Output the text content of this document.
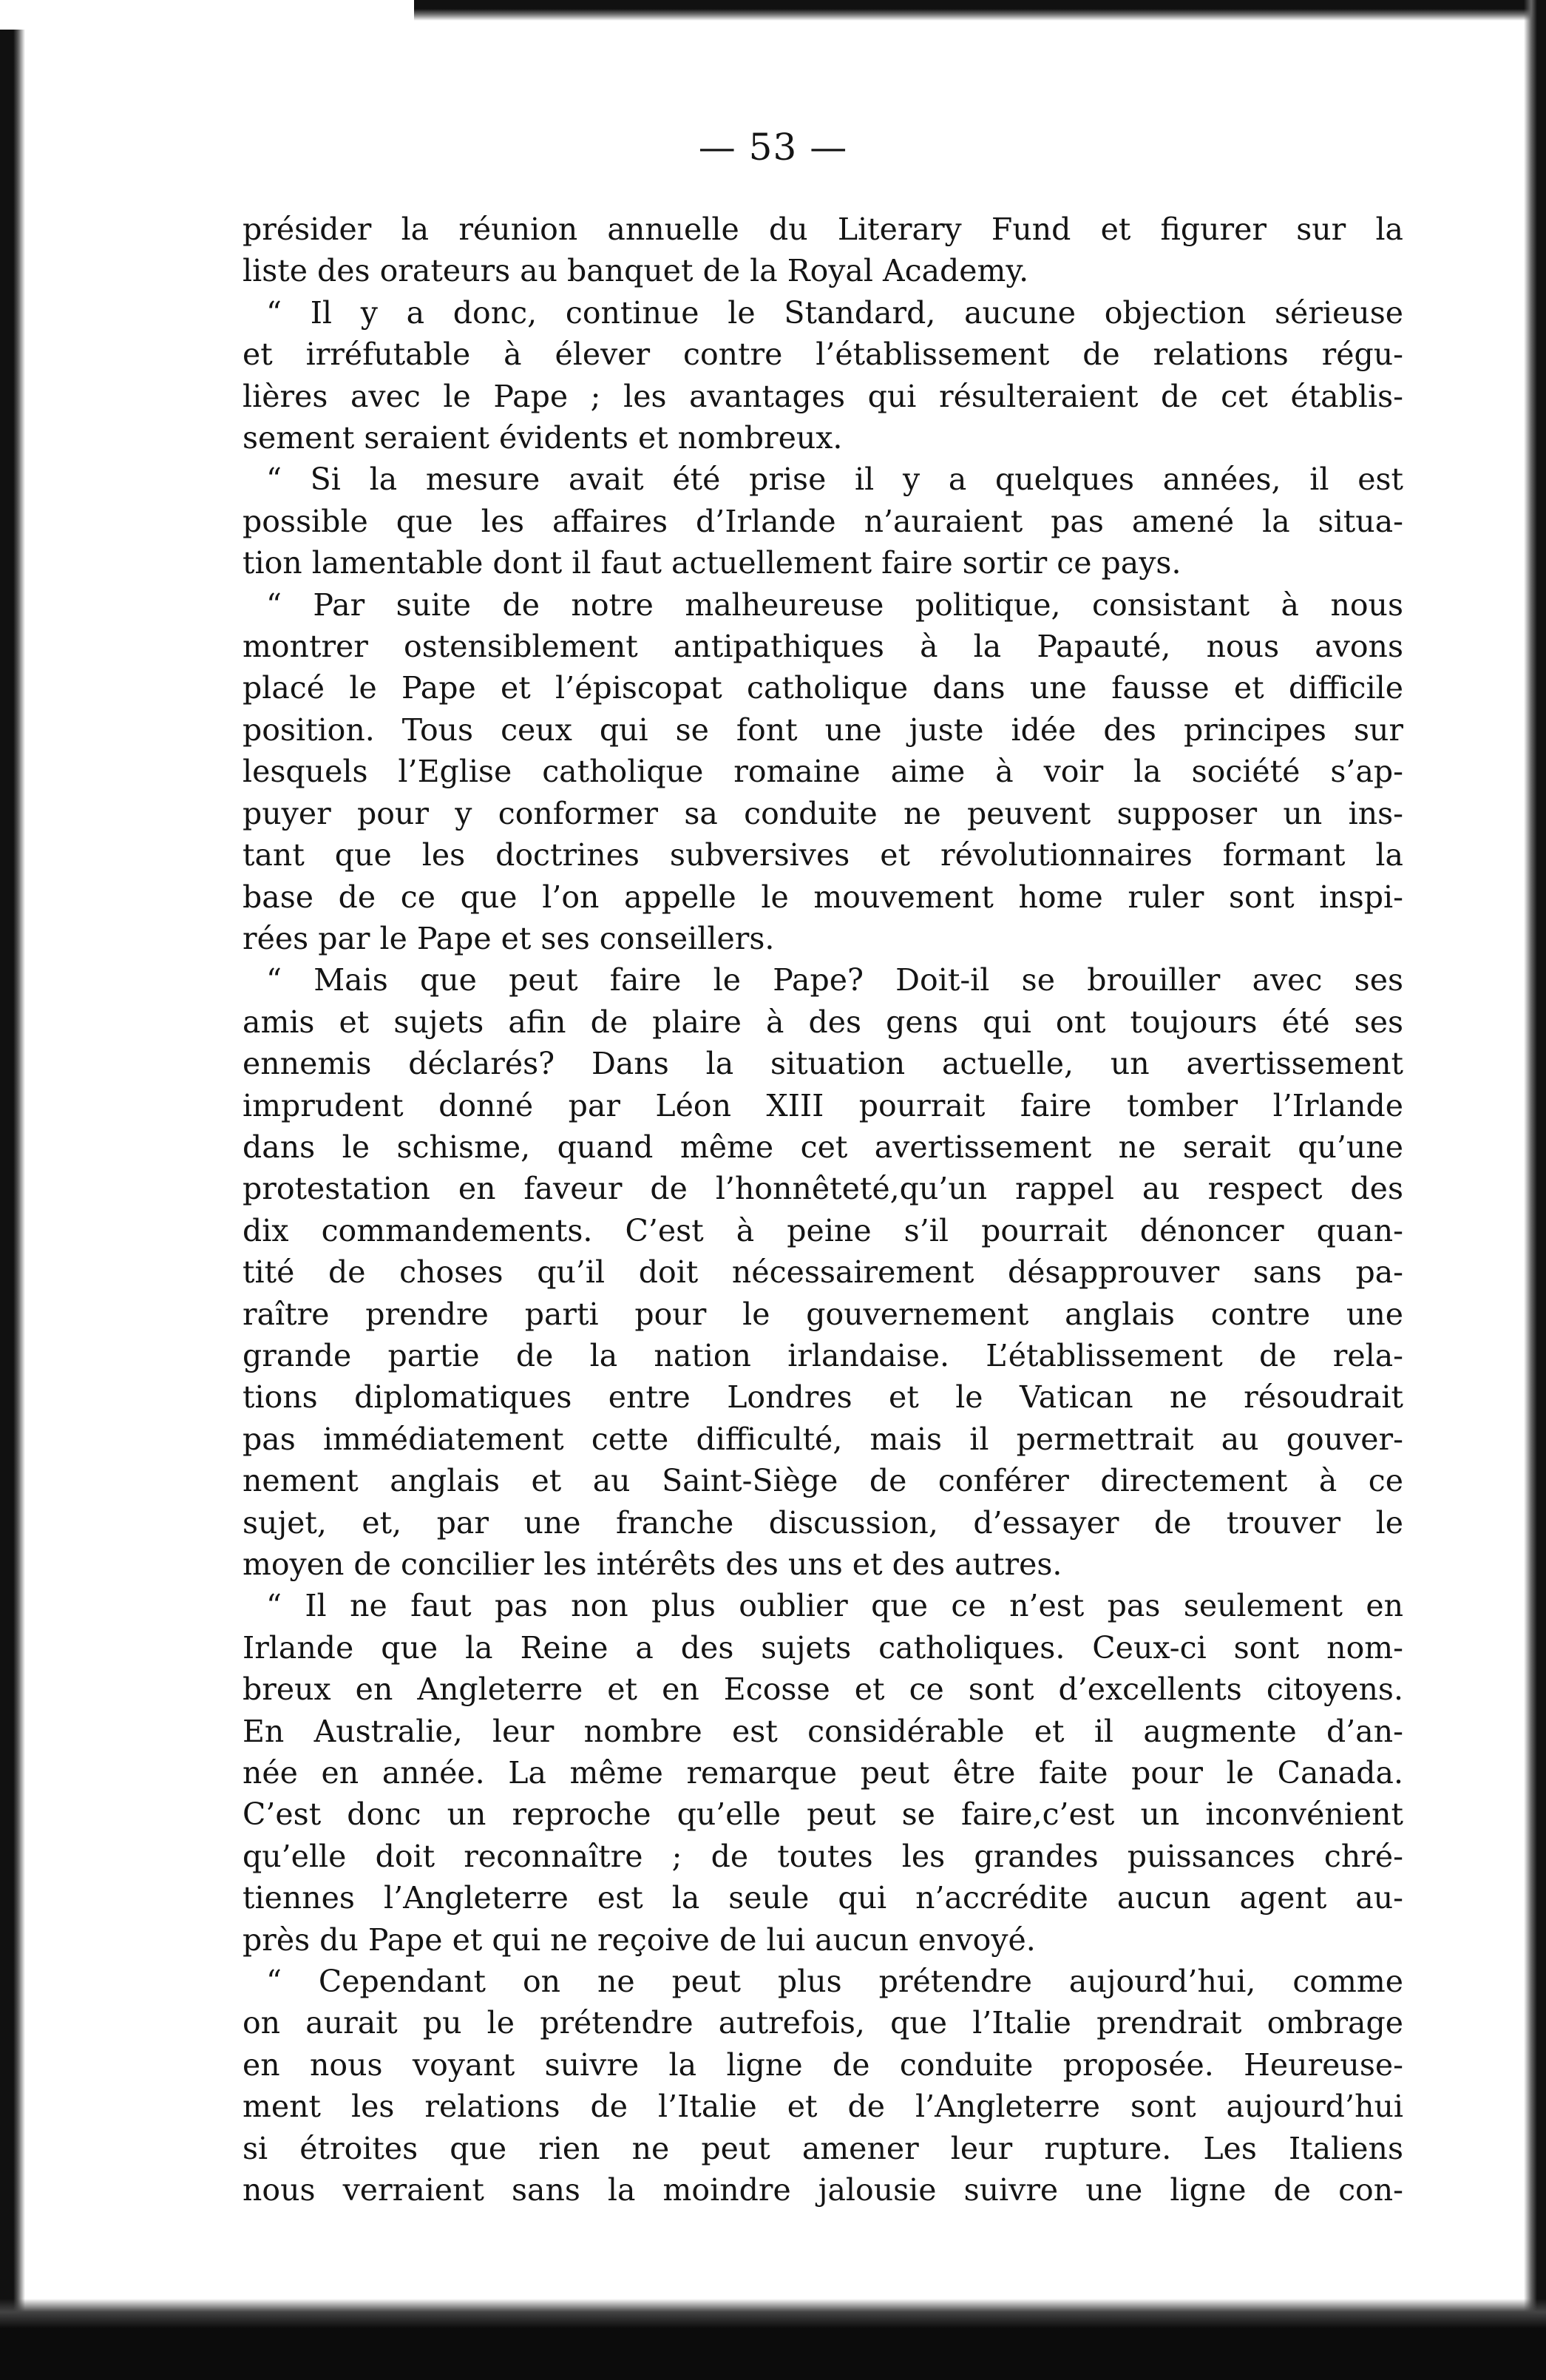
— 53 —
présider la réunion annuelle du Literary Fund et figurer sur la
liste des orateurs au banquet de la Royal Academy.
“ Il y a donc, continue le Standard, aucune objection sérieuse
et irréfutable à élever contre l’établissement de relations régu-
lières avec le Pape ; les avantages qui résulteraient de cet établis-
sement seraient évidents et nombreux.
“ Si la mesure avait été prise il y a quelques années, il est
possible que les affaires d’Irlande n’auraient pas amené la situa-
tion lamentable dont il faut actuellement faire sortir ce pays.
“ Par suite de notre malheureuse politique, consistant à nous
montrer ostensiblement antipathiques à la Papauté, nous avons
placé le Pape et l’épiscopat catholique dans une fausse et difficile
position. Tous ceux qui se font une juste idée des principes sur
lesquels l’Eglise catholique romaine aime à voir la société s’ap-
puyer pour y conformer sa conduite ne peuvent supposer un ins-
tant que les doctrines subversives et révolutionnaires formant la
base de ce que l’on appelle le mouvement home ruler sont inspi-
rées par le Pape et ses conseillers.
“ Mais que peut faire le Pape? Doit-il se brouiller avec ses
amis et sujets afin de plaire à des gens qui ont toujours été ses
ennemis déclarés? Dans la situation actuelle, un avertissement
imprudent donné par Léon XIII pourrait faire tomber l’Irlande
dans le schisme, quand même cet avertissement ne serait qu’une
protestation en faveur de l’honnêteté,qu’un rappel au respect des
dix commandements. C’est à peine s’il pourrait dénoncer quan-
tité de choses qu’il doit nécessairement désapprouver sans pa-
raître prendre parti pour le gouvernement anglais contre une
grande partie de la nation irlandaise. L’établissement de rela-
tions diplomatiques entre Londres et le Vatican ne résoudrait
pas immédiatement cette difficulté, mais il permettrait au gouver-
nement anglais et au Saint-Siège de conférer directement à ce
sujet, et, par une franche discussion, d’essayer de trouver le
moyen de concilier les intérêts des uns et des autres.
“ Il ne faut pas non plus oublier que ce n’est pas seulement en
Irlande que la Reine a des sujets catholiques. Ceux-ci sont nom-
breux en Angleterre et en Ecosse et ce sont d’excellents citoyens.
En Australie, leur nombre est considérable et il augmente d’an-
née en année. La même remarque peut être faite pour le Canada.
C’est donc un reproche qu’elle peut se faire,c’est un inconvénient
qu’elle doit reconnaître ; de toutes les grandes puissances chré-
tiennes l’Angleterre est la seule qui n’accrédite aucun agent au-
près du Pape et qui ne reçoive de lui aucun envoyé.
“ Cependant on ne peut plus prétendre aujourd’hui, comme
on aurait pu le prétendre autrefois, que l’Italie prendrait ombrage
en nous voyant suivre la ligne de conduite proposée. Heureuse-
ment les relations de l’Italie et de l’Angleterre sont aujourd’hui
si étroites que rien ne peut amener leur rupture. Les Italiens
nous verraient sans la moindre jalousie suivre une ligne de con-
